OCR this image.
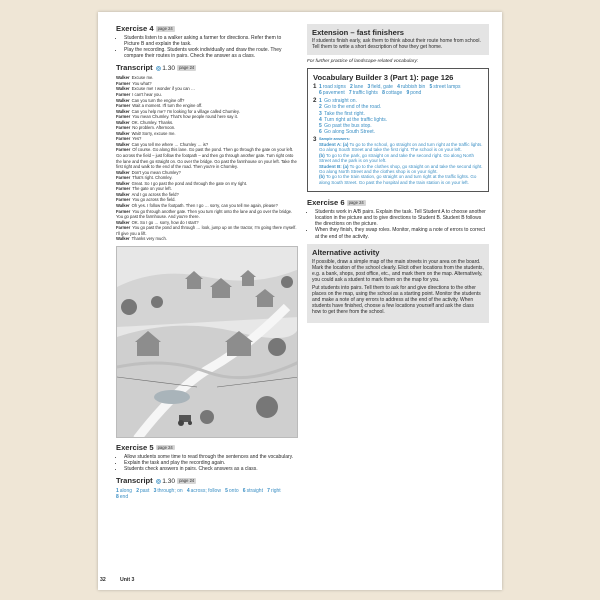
Exercise 4 page 24
• Students listen to a walker asking a farmer for directions. Refer them to Picture B and explain the task.
• Play the recording. Students work individually and draw the route. They compare their routes in pairs. Check the answer as a class.
Transcript ◎1.30 page 24
Walker Excuse me.
Farmer You what?
Walker Excuse me! I wonder if you can …
Farmer I can't hear you.
Walker Can you turn the engine off?
Farmer Wait a moment. I'll turn the engine off.
Walker Can you help me? I'm looking for a village called Chumley.
Farmer You mean Chumley. That's how people round here say it.
Walker OK. Chumley. Thanks.
Farmer No problem. Afternoon.
Walker Wait! Sorry, excuse me.
Farmer Yes?
Walker Can you tell me where … Chumley … is?
Farmer Of course. Go along this lane. Go past the pond. Then go through the gate on your left. Go across the field – just follow the footpath – and then go through another gate. Turn right onto the lane and then go straight on. Go over the bridge. Go past the farmhouse on your left. Take the first right and walk to the end of the road. Then you're in Chomley.
Walker Don't you mean Chumley?
Farmer That's right. Chomley.
Walker Great. So I go past the pond and through the gate on my right.
Farmer The gate on your left.
Walker And I go across the field?
Farmer You go across the field.
Walker Oh yes. I follow the footpath. Then I go … sorry, can you tell me again, please?
Farmer You go through another gate. Then you turn right onto the lane and go over the bridge. You go past the farmhouse. And you're there.
Walker OK. So I go … sorry, how do I start?
Farmer You go past the pond and through … look, jump up on the tractor, I'm going there myself. I'll give you a lift.
Walker Thanks very much.
Exercise 5 page 24
• Allow students some time to read through the sentences and the vocabulary.
• Explain the task and play the recording again.
• Students check answers in pairs. Check answers as a class.
Transcript ◎1.30 page 24
1along 2past 3through; on 4across; follow 5onto 6straight 7right   8end
Extension – fast finishers

If students finish early, ask them to think about their route home from school. Tell them to write a short description of how they get home.

For further practice of landscape-related vocabulary:
Vocabulary Builder 3 (Part 1): page 126
1 1road signs 2lane 3field, gate 4rubbish bin 5street lamps   6pavement 7traffic lights 8cottage 9pond
2 1 Go straight on.
2 Go to the end of the road.
3 Take the first right.
4 Turn right at the traffic lights.
5 Go past the bus stop.
6 Go along South Street.
3 Sample answers:
Student A: (a) To go to the school, go straight on and turn right at the traffic lights. Go along South Street and take the first right. The school is on your left.
(b) To go to the park, go straight on and take the second right. Go along North Street and the park is on your left.
Student B: (a) To go to the clothes shop, go straight on and take the second right. Go along North Street and the clothes shop is on your right.
(b) To go to the train station, go straight on and turn right at the traffic lights. Go along South Street. Go past the hospital and the train station is on your left.
Exercise 6 page 24
• Students work in A/B pairs. Explain the task. Tell Student A to choose another location in the picture and to give directions to Student B. Student B follows the directions on the picture.
• When they finish, they swap roles. Monitor, making a note of errors to correct at the end of the activity.
Alternative activity

If possible, draw a simple map of the main streets in your area on the board. Mark the location of the school clearly. Elicit other locations from the students, e.g. a bank, shops, post office, etc., and mark them on the map. Alternatively, you could ask a student to mark them on the map for you.

Put students into pairs. Tell them to ask for and give directions to the other places on the map, using the school as a starting point. Monitor the students and make a note of any errors to address at the end of the activity. When students have finished, choose a few locations yourself and ask the class how to get there from the school.

32	Unit 3
